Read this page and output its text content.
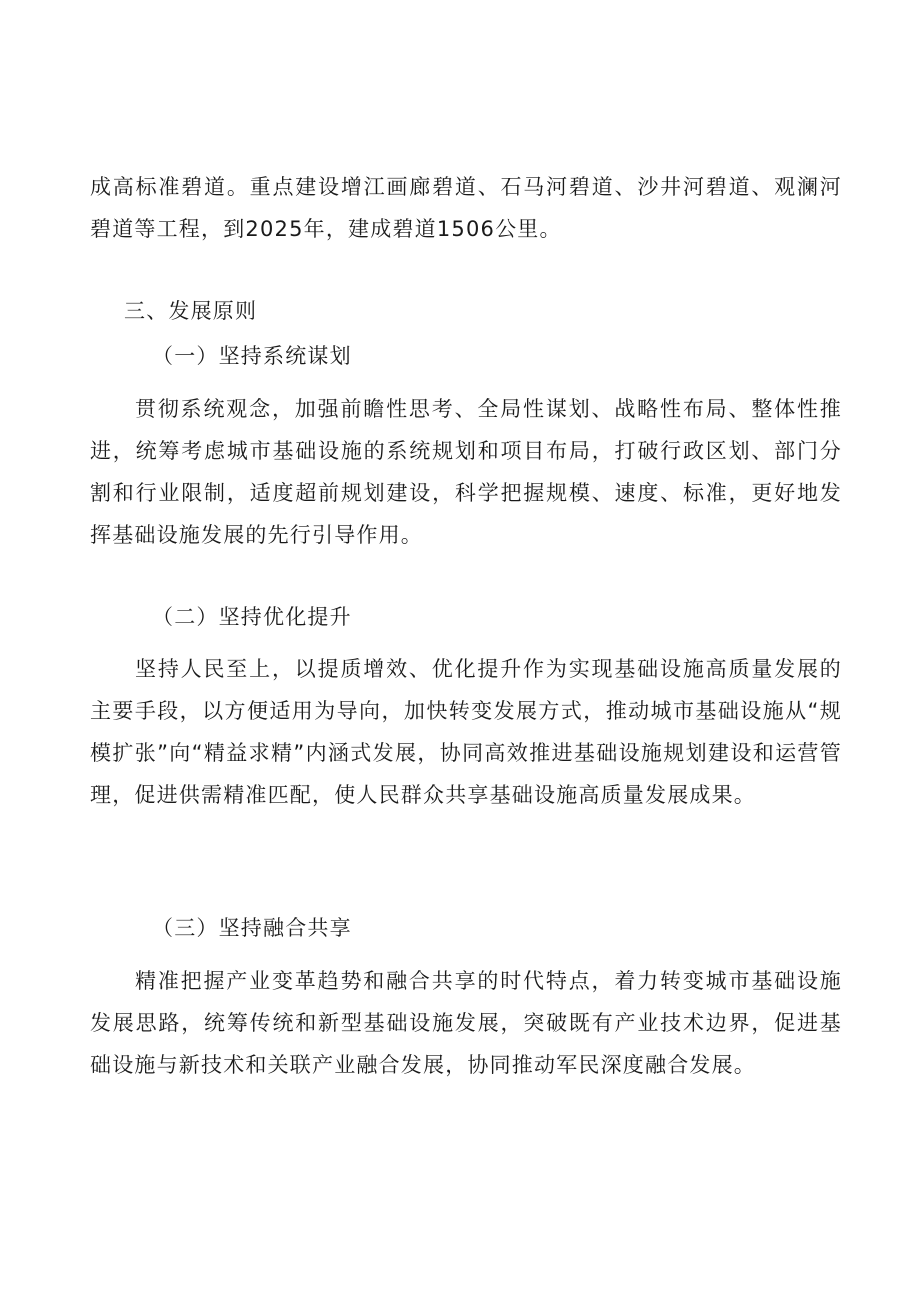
成高标准碧道。重点建设增江画廊碧道、石马河碧道、沙井河碧道、观澜河碧道等工程，到2025年，建成碧道1506公里。

三、发展原则

（一）坚持系统谋划

贯彻系统观念，加强前瞻性思考、全局性谋划、战略性布局、整体性推进，统筹考虑城市基础设施的系统规划和项目布局，打破行政区划、部门分割和行业限制，适度超前规划建设，科学把握规模、速度、标准，更好地发挥基础设施发展的先行引导作用。

（二）坚持优化提升

坚持人民至上，以提质增效、优化提升作为实现基础设施高质量发展的主要手段，以方便适用为导向，加快转变发展方式，推动城市基础设施从“规模扩张”向“精益求精”内涵式发展，协同高效推进基础设施规划建设和运营管理，促进供需精准匹配，使人民群众共享基础设施高质量发展成果。

（三）坚持融合共享

精准把握产业变革趋势和融合共享的时代特点，着力转变城市基础设施发展思路，统筹传统和新型基础设施发展，突破既有产业技术边界，促进基础设施与新技术和关联产业融合发展，协同推动军民深度融合发展。
